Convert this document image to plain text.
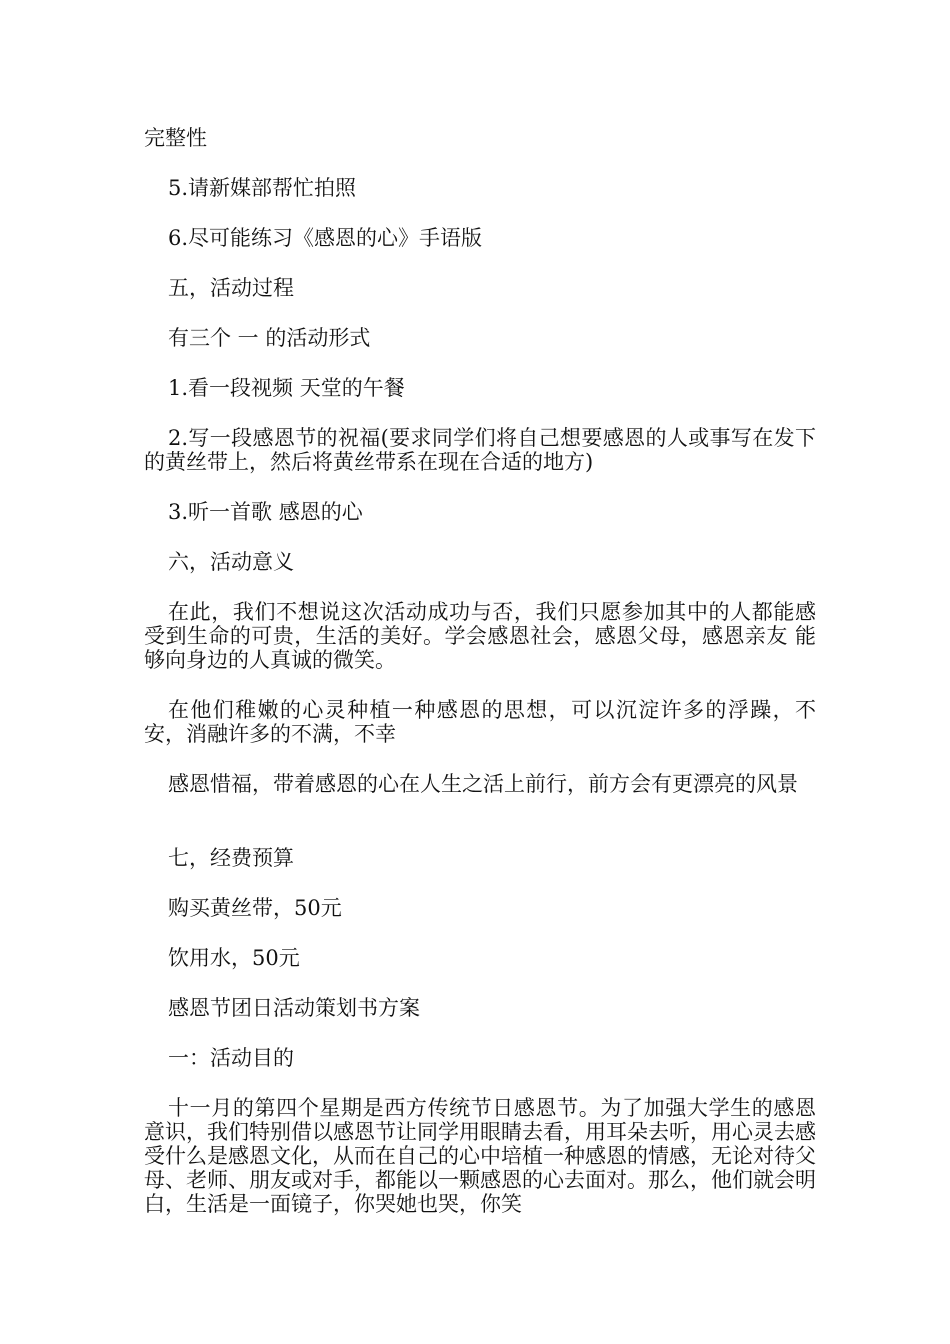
完整性

5.请新媒部帮忙拍照

6.尽可能练习《感恩的心》手语版

五，活动过程

有三个 一 的活动形式

1.看一段视频 天堂的午餐

2.写一段感恩节的祝福(要求同学们将自己想要感恩的人或事写在发下的黄丝带上，然后将黄丝带系在现在合适的地方)

3.听一首歌 感恩的心

六，活动意义

在此，我们不想说这次活动成功与否，我们只愿参加其中的人都能感受到生命的可贵，生活的美好。学会感恩社会，感恩父母，感恩亲友 能够向身边的人真诚的微笑。

在他们稚嫩的心灵种植一种感恩的思想，可以沉淀许多的浮躁，不安，消融许多的不满，不幸

感恩惜福，带着感恩的心在人生之活上前行，前方会有更漂亮的风景

七，经费预算

购买黄丝带，50元

饮用水，50元

感恩节团日活动策划书方案

一：活动目的

十一月的第四个星期是西方传统节日感恩节。为了加强大学生的感恩意识，我们特别借以感恩节让同学用眼睛去看，用耳朵去听，用心灵去感受什么是感恩文化，从而在自己的心中培植一种感恩的情感，无论对待父母、老师、朋友或对手，都能以一颗感恩的心去面对。那么，他们就会明白，生活是一面镜子，你哭她也哭，你笑
